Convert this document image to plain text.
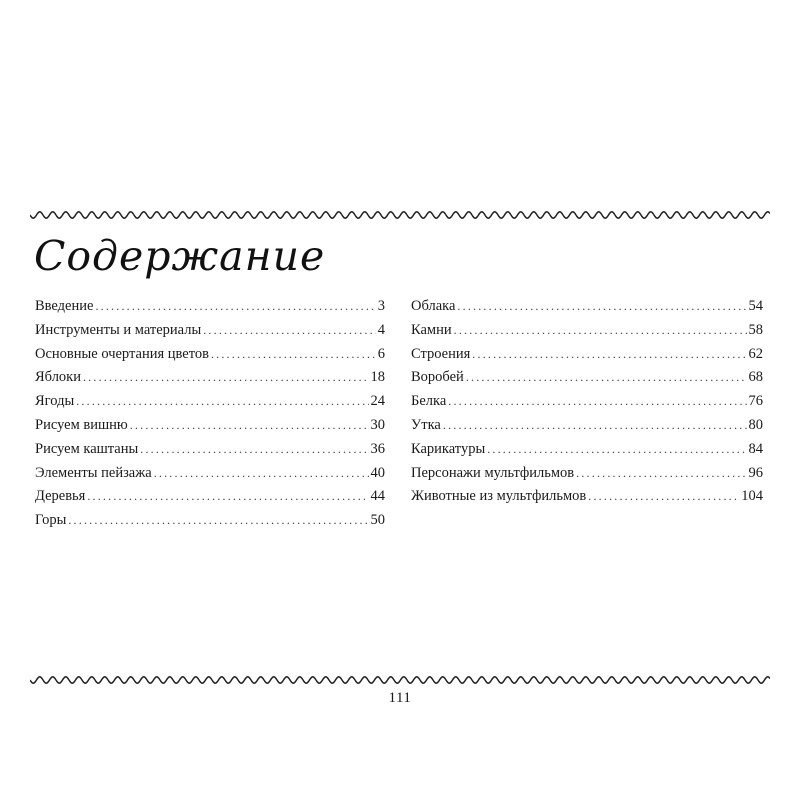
Содержание
Введение .....	3
Инструменты и материалы .....	4
Основные очертания цветов .....	6
Яблоки .....	18
Ягоды .....	24
Рисуем вишню .....	30
Рисуем каштаны .....	36
Элементы пейзажа .....	40
Деревья .....	44
Горы .....	50
Облака .....	54
Камни .....	58
Строения .....	62
Воробей .....	68
Белка .....	76
Утка .....	80
Карикатуры .....	84
Персонажи мультфильмов .....	96
Животные из мультфильмов .....	104
111
